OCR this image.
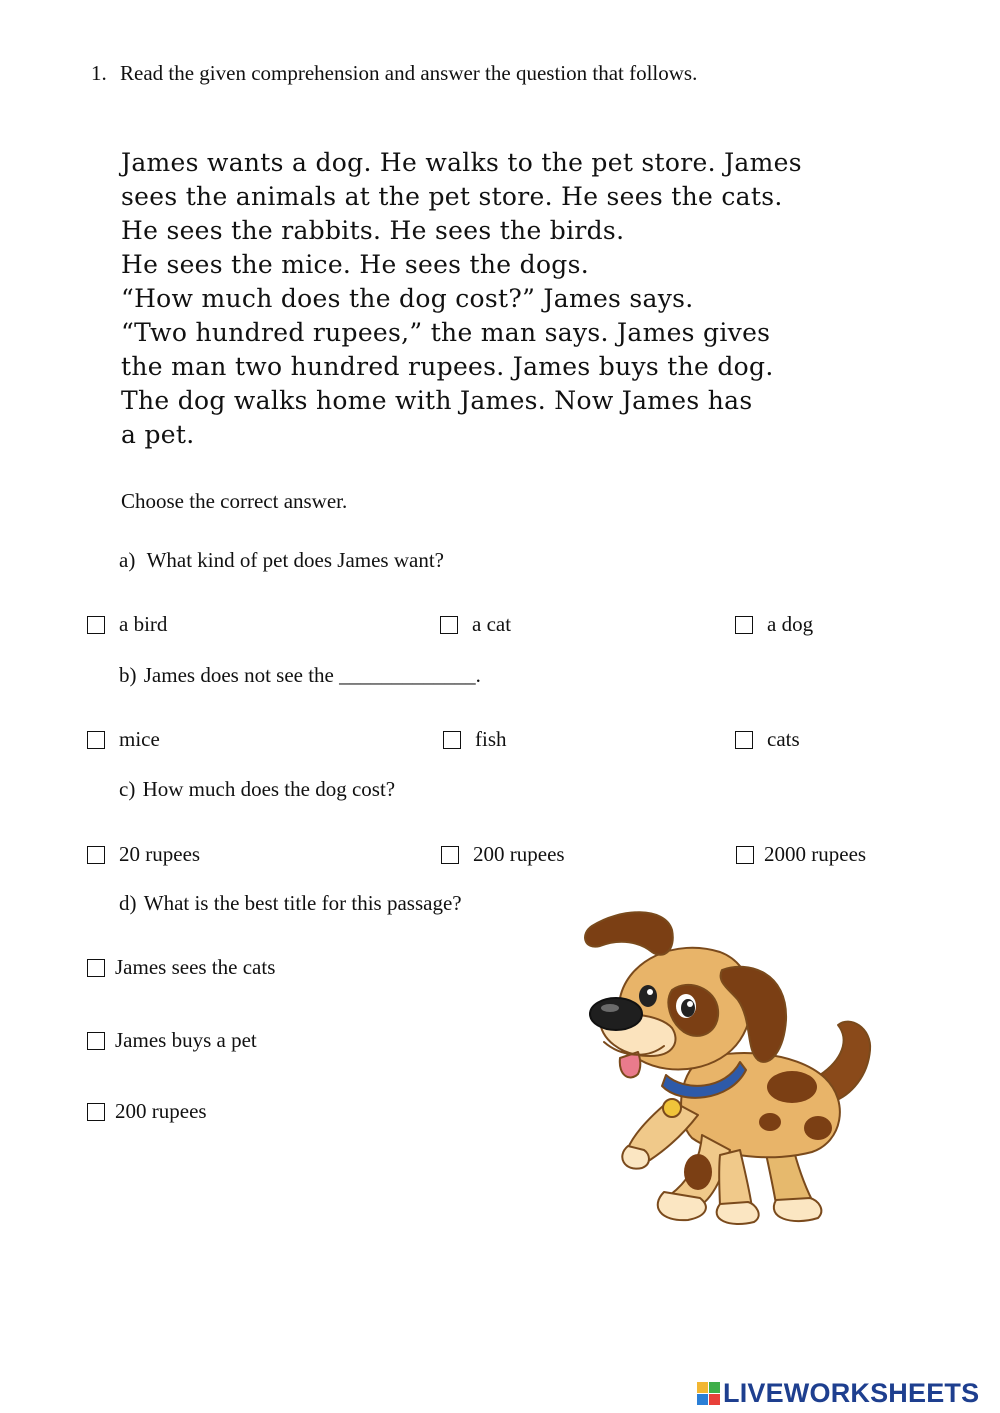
1. Read the given comprehension and answer the question that follows.
James wants a dog. He walks to the pet store. James
sees the animals at the pet store. He sees the cats.
He sees the rabbits. He sees the birds.
He sees the mice. He sees the dogs.
“How much does the dog cost?” James says.
“Two hundred rupees,” the man says. James gives
the man two hundred rupees. James buys the dog.
The dog walks home with James. Now James has
a pet.
Choose the correct answer.
a) What kind of pet does James want?
a bird	a cat	a dog
b) James does not see the _____________.
mice	fish	cats
c) How much does the dog cost?
20 rupees	200 rupees	2000 rupees
d) What is the best title for this passage?
James sees the cats
James buys a pet
200 rupees
LIVEWORKSHEETS
